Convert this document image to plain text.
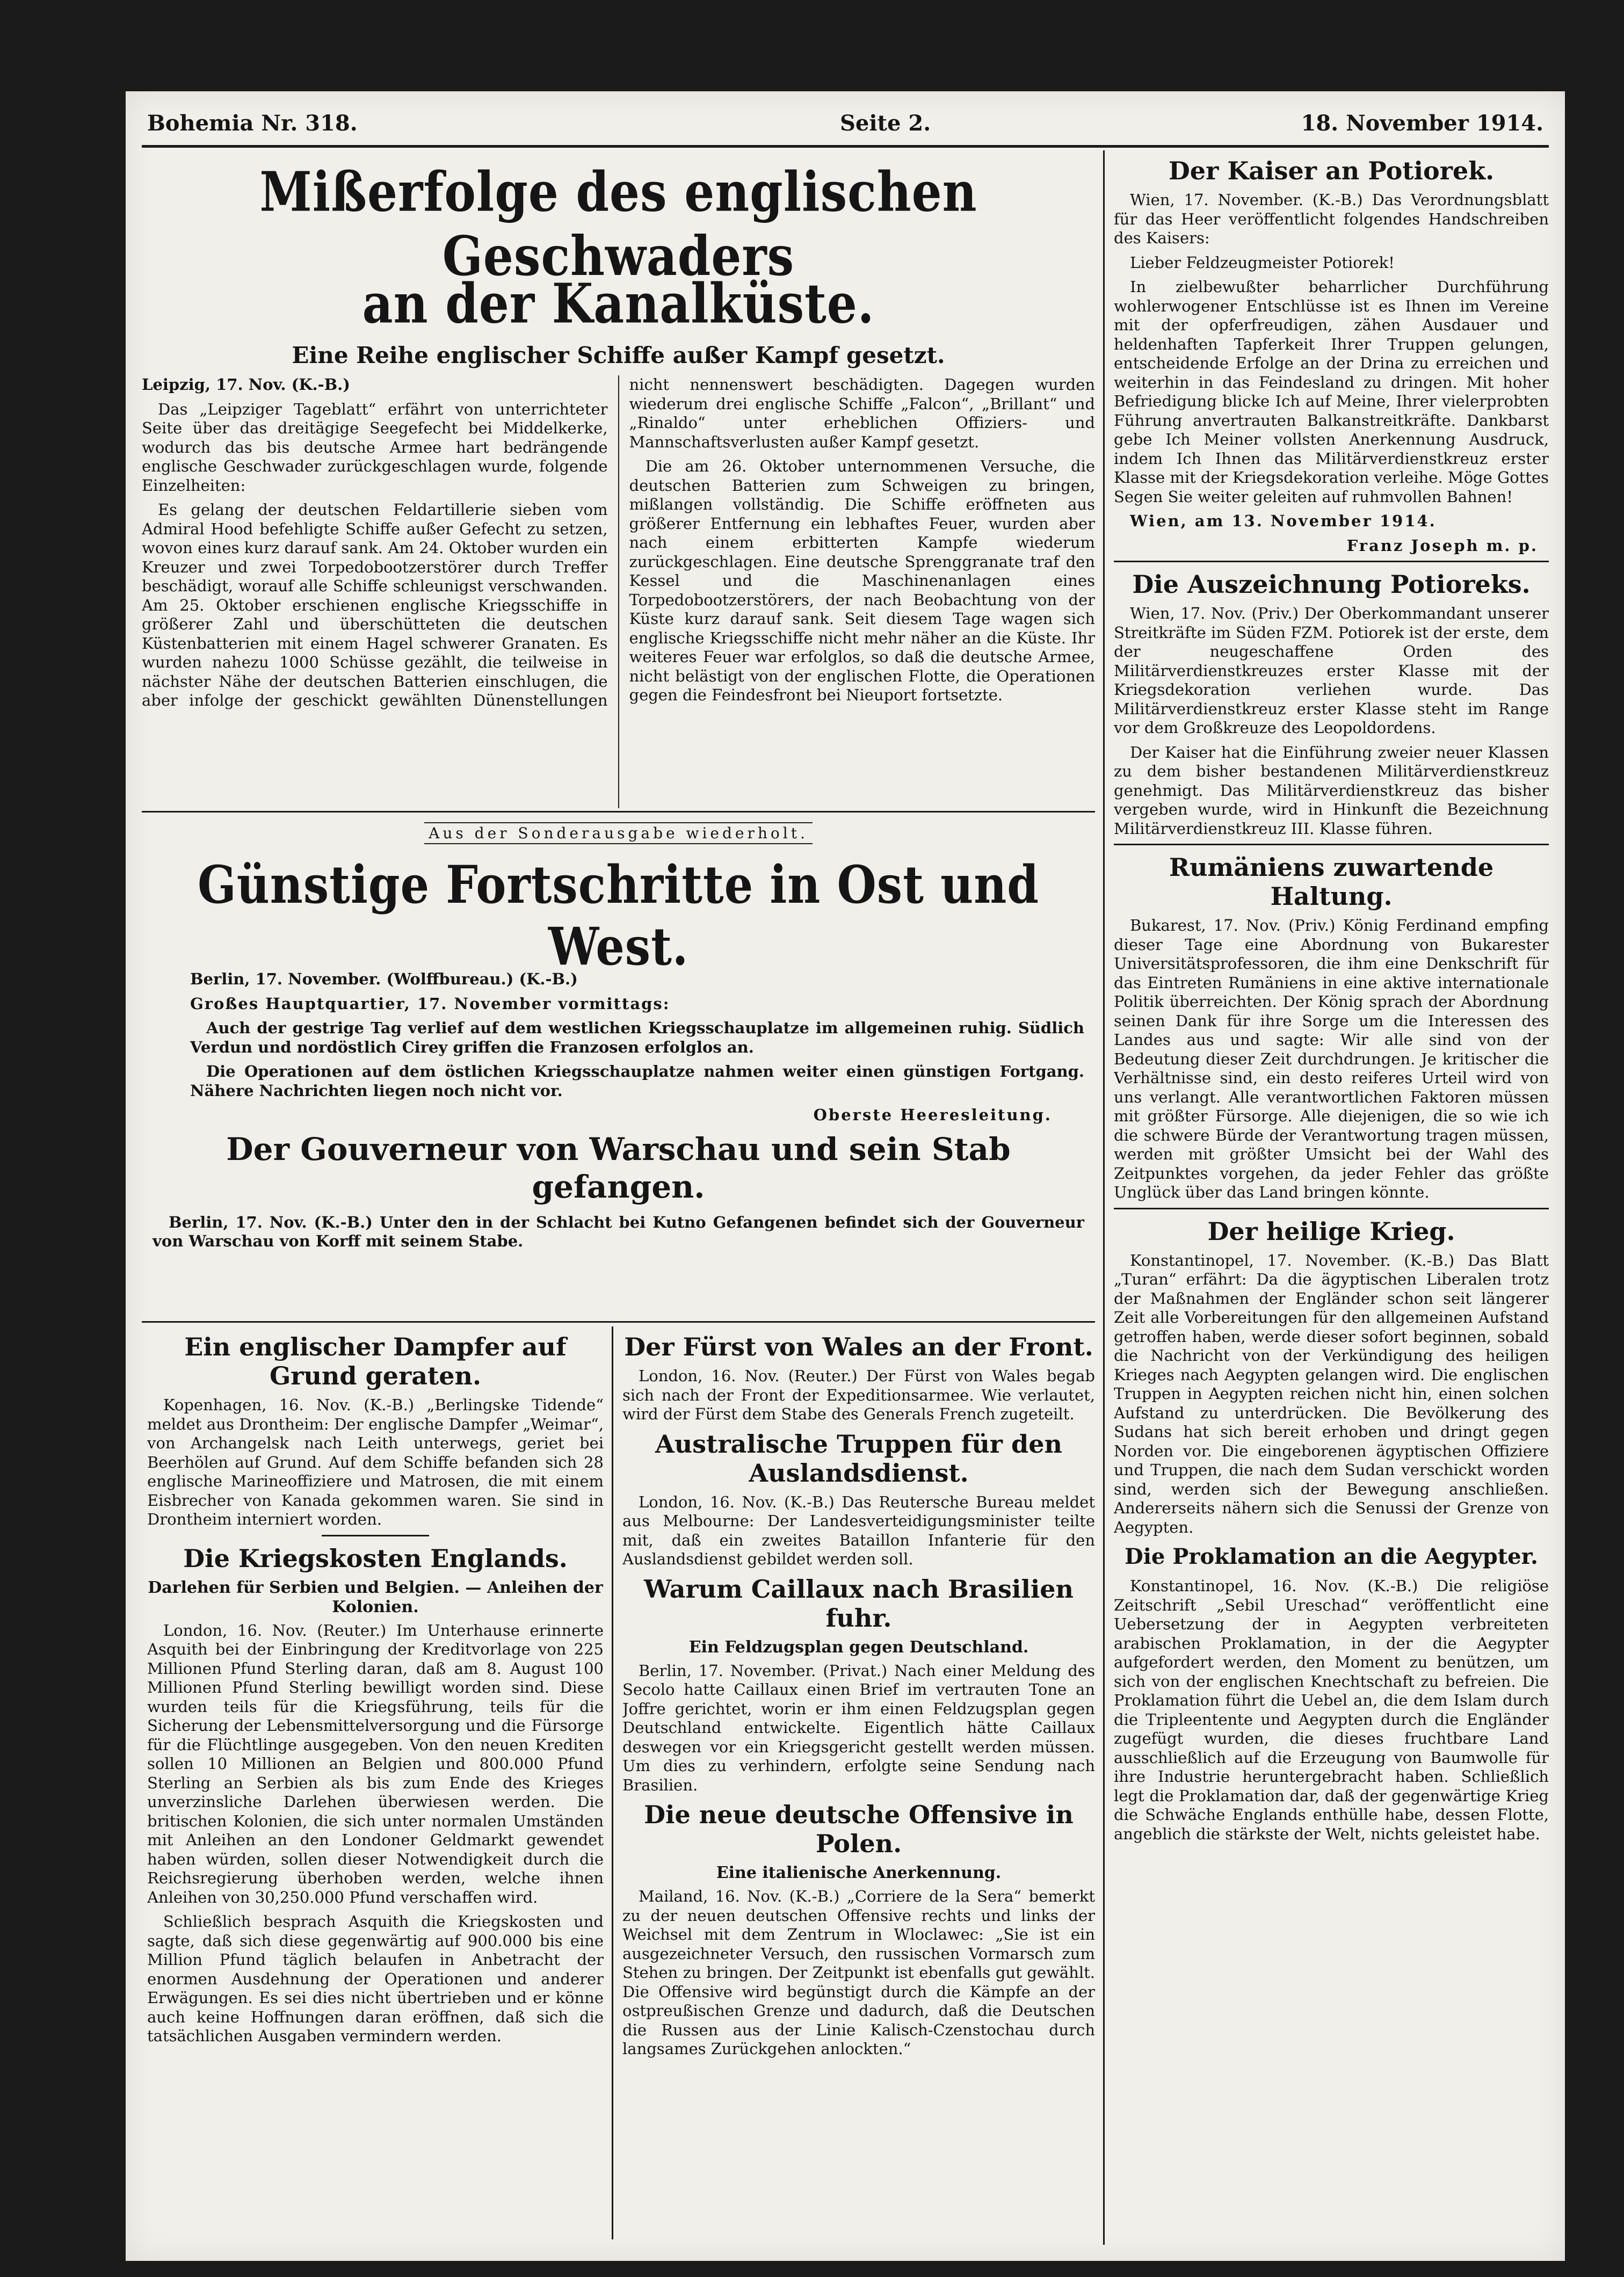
Bohemia Nr. 318.	Seite 2.	18. November 1914.
Mißerfolge des englischen Geschwaders
an der Kanalküste.
Eine Reihe englischer Schiffe außer Kampf gesetzt.

Leipzig, 17. Nov. (K.-B.)

Das „Leipziger Tageblatt“ erfährt von unterrichteter Seite über das dreitägige Seegefecht bei Middelkerke, wodurch das bis deutsche Armee hart bedrängende englische Geschwader zurückgeschlagen wurde, folgende Einzelheiten:

Es gelang der deutschen Feldartillerie sieben vom Admiral Hood befehligte Schiffe außer Gefecht zu setzen, wovon eines kurz darauf sank. Am 24. Oktober wurden ein Kreuzer und zwei Torpedobootzerstörer durch Treffer beschädigt, worauf alle Schiffe schleunigst verschwanden. Am 25. Oktober erschienen englische Kriegsschiffe in größerer Zahl und überschütteten die deutschen Küstenbatterien mit einem Hagel schwerer Granaten. Es wurden nahezu 1000 Schüsse gezählt, die teilweise in nächster Nähe der deutschen Batterien einschlugen, die aber infolge der geschickt gewählten Dünenstellungen nicht nennenswert beschädigten. Dagegen wurden wiederum drei englische Schiffe „Falcon“, „Brillant“ und „Rinaldo“ unter erheblichen Offiziers- und Mannschaftsverlusten außer Kampf gesetzt.

Die am 26. Oktober unternommenen Versuche, die deutschen Batterien zum Schweigen zu bringen, mißlangen vollständig. Die Schiffe eröffneten aus größerer Entfernung ein lebhaftes Feuer, wurden aber nach einem erbitterten Kampfe wiederum zurückgeschlagen. Eine deutsche Sprenggranate traf den Kessel und die Maschinenanlagen eines Torpedobootzerstörers, der nach Beobachtung von der Küste kurz darauf sank. Seit diesem Tage wagen sich englische Kriegsschiffe nicht mehr näher an die Küste. Ihr weiteres Feuer war erfolglos, so daß die deutsche Armee, nicht belästigt von der englischen Flotte, die Operationen gegen die Feindesfront bei Nieuport fortsetzte.

Aus der Sonderausgabe wiederholt.
Günstige Fortschritte in Ost und West.

Berlin, 17. November. (Wolffbureau.) (K.-B.)

Großes Hauptquartier, 17. November vormittags:

Auch der gestrige Tag verlief auf dem westlichen Kriegsschauplatze im allgemeinen ruhig. Südlich Verdun und nordöstlich Cirey griffen die Franzosen erfolglos an.

Die Operationen auf dem östlichen Kriegsschauplatze nahmen weiter einen günstigen Fortgang. Nähere Nachrichten liegen noch nicht vor.

Oberste Heeresleitung.

Der Gouverneur von Warschau und sein Stab gefangen.

Berlin, 17. Nov. (K.-B.) Unter den in der Schlacht bei Kutno Gefangenen befindet sich der Gouverneur von Warschau von Korff mit seinem Stabe.

Ein englischer Dampfer auf Grund geraten.

Kopenhagen, 16. Nov. (K.-B.) „Berlingske Tidende“ meldet aus Drontheim: Der englische Dampfer „Weimar“, von Archangelsk nach Leith unterwegs, geriet bei Beerhölen auf Grund. Auf dem Schiffe befanden sich 28 englische Marineoffiziere und Matrosen, die mit einem Eisbrecher von Kanada gekommen waren. Sie sind in Drontheim interniert worden.

Die Kriegskosten Englands.
Darlehen für Serbien und Belgien. — Anleihen der Kolonien.

London, 16. Nov. (Reuter.) Im Unterhause erinnerte Asquith bei der Einbringung der Kreditvorlage von 225 Millionen Pfund Sterling daran, daß am 8. August 100 Millionen Pfund Sterling bewilligt worden sind. Diese wurden teils für die Kriegsführung, teils für die Sicherung der Lebensmittelversorgung und die Fürsorge für die Flüchtlinge ausgegeben. Von den neuen Krediten sollen 10 Millionen an Belgien und 800.000 Pfund Sterling an Serbien als bis zum Ende des Krieges unverzinsliche Darlehen überwiesen werden. Die britischen Kolonien, die sich unter normalen Umständen mit Anleihen an den Londoner Geldmarkt gewendet haben würden, sollen dieser Notwendigkeit durch die Reichsregierung überhoben werden, welche ihnen Anleihen von 30,250.000 Pfund verschaffen wird.

Schließlich besprach Asquith die Kriegskosten und sagte, daß sich diese gegenwärtig auf 900.000 bis eine Million Pfund täglich belaufen in Anbetracht der enormen Ausdehnung der Operationen und anderer Erwägungen. Es sei dies nicht übertrieben und er könne auch keine Hoffnungen daran eröffnen, daß sich die tatsächlichen Ausgaben vermindern werden.

Der Fürst von Wales an der Front.

London, 16. Nov. (Reuter.) Der Fürst von Wales begab sich nach der Front der Expeditionsarmee. Wie verlautet, wird der Fürst dem Stabe des Generals French zugeteilt.

Australische Truppen für den Auslandsdienst.

London, 16. Nov. (K.-B.) Das Reutersche Bureau meldet aus Melbourne: Der Landesverteidigungsminister teilte mit, daß ein zweites Bataillon Infanterie für den Auslandsdienst gebildet werden soll.

Warum Caillaux nach Brasilien fuhr.
Ein Feldzugsplan gegen Deutschland.

Berlin, 17. November. (Privat.) Nach einer Meldung des Secolo hatte Caillaux einen Brief im vertrauten Tone an Joffre gerichtet, worin er ihm einen Feldzugsplan gegen Deutschland entwickelte. Eigentlich hätte Caillaux deswegen vor ein Kriegsgericht gestellt werden müssen. Um dies zu verhindern, erfolgte seine Sendung nach Brasilien.

Die neue deutsche Offensive in Polen.
Eine italienische Anerkennung.

Mailand, 16. Nov. (K.-B.) „Corriere de la Sera“ bemerkt zu der neuen deutschen Offensive rechts und links der Weichsel mit dem Zentrum in Wloclawec: „Sie ist ein ausgezeichneter Versuch, den russischen Vormarsch zum Stehen zu bringen. Der Zeitpunkt ist ebenfalls gut gewählt. Die Offensive wird begünstigt durch die Kämpfe an der ostpreußischen Grenze und dadurch, daß die Deutschen die Russen aus der Linie Kalisch-Czenstochau durch langsames Zurückgehen anlockten.“

Der Kaiser an Potiorek.

Wien, 17. November. (K.-B.) Das Verordnungsblatt für das Heer veröffentlicht folgendes Handschreiben des Kaisers:

Lieber Feldzeugmeister Potiorek!

In zielbewußter beharrlicher Durchführung wohlerwogener Entschlüsse ist es Ihnen im Vereine mit der opferfreudigen, zähen Ausdauer und heldenhaften Tapferkeit Ihrer Truppen gelungen, entscheidende Erfolge an der Drina zu erreichen und weiterhin in das Feindesland zu dringen. Mit hoher Befriedigung blicke Ich auf Meine, Ihrer vielerprobten Führung anvertrauten Balkanstreitkräfte. Dankbarst gebe Ich Meiner vollsten Anerkennung Ausdruck, indem Ich Ihnen das Militärverdienstkreuz erster Klasse mit der Kriegsdekoration verleihe. Möge Gottes Segen Sie weiter geleiten auf ruhmvollen Bahnen!

Wien, am 13. November 1914.

Franz Joseph m. p.

Die Auszeichnung Potioreks.

Wien, 17. Nov. (Priv.) Der Oberkommandant unserer Streitkräfte im Süden FZM. Potiorek ist der erste, dem der neugeschaffene Orden des Militärverdienstkreuzes erster Klasse mit der Kriegsdekoration verliehen wurde. Das Militärverdienstkreuz erster Klasse steht im Range vor dem Großkreuze des Leopoldordens.

Der Kaiser hat die Einführung zweier neuer Klassen zu dem bisher bestandenen Militärverdienstkreuz genehmigt. Das Militärverdienstkreuz das bisher vergeben wurde, wird in Hinkunft die Bezeichnung Militärverdienstkreuz III. Klasse führen.

Rumäniens zuwartende Haltung.

Bukarest, 17. Nov. (Priv.) König Ferdinand empfing dieser Tage eine Abordnung von Bukarester Universitätsprofessoren, die ihm eine Denkschrift für das Eintreten Rumäniens in eine aktive internationale Politik überreichten. Der König sprach der Abordnung seinen Dank für ihre Sorge um die Interessen des Landes aus und sagte: Wir alle sind von der Bedeutung dieser Zeit durchdrungen. Je kritischer die Verhältnisse sind, ein desto reiferes Urteil wird von uns verlangt. Alle verantwortlichen Faktoren müssen mit größter Fürsorge. Alle diejenigen, die so wie ich die schwere Bürde der Verantwortung tragen müssen, werden mit größter Umsicht bei der Wahl des Zeitpunktes vorgehen, da jeder Fehler das größte Unglück über das Land bringen könnte.

Der heilige Krieg.

Konstantinopel, 17. November. (K.-B.) Das Blatt „Turan“ erfährt: Da die ägyptischen Liberalen trotz der Maßnahmen der Engländer schon seit längerer Zeit alle Vorbereitungen für den allgemeinen Aufstand getroffen haben, werde dieser sofort beginnen, sobald die Nachricht von der Verkündigung des heiligen Krieges nach Aegypten gelangen wird. Die englischen Truppen in Aegypten reichen nicht hin, einen solchen Aufstand zu unterdrücken. Die Bevölkerung des Sudans hat sich bereit erhoben und dringt gegen Norden vor. Die eingeborenen ägyptischen Offiziere und Truppen, die nach dem Sudan verschickt worden sind, werden sich der Bewegung anschließen. Andererseits nähern sich die Senussi der Grenze von Aegypten.

Die Proklamation an die Aegypter.

Konstantinopel, 16. Nov. (K.-B.) Die religiöse Zeitschrift „Sebil Ureschad“ veröffentlicht eine Uebersetzung der in Aegypten verbreiteten arabischen Proklamation, in der die Aegypter aufgefordert werden, den Moment zu benützen, um sich von der englischen Knechtschaft zu befreien. Die Proklamation führt die Uebel an, die dem Islam durch die Tripleentente und Aegypten durch die Engländer zugefügt wurden, die dieses fruchtbare Land ausschließlich auf die Erzeugung von Baumwolle für ihre Industrie heruntergebracht haben. Schließlich legt die Proklamation dar, daß der gegenwärtige Krieg die Schwäche Englands enthülle habe, dessen Flotte, angeblich die stärkste der Welt, nichts geleistet habe.
